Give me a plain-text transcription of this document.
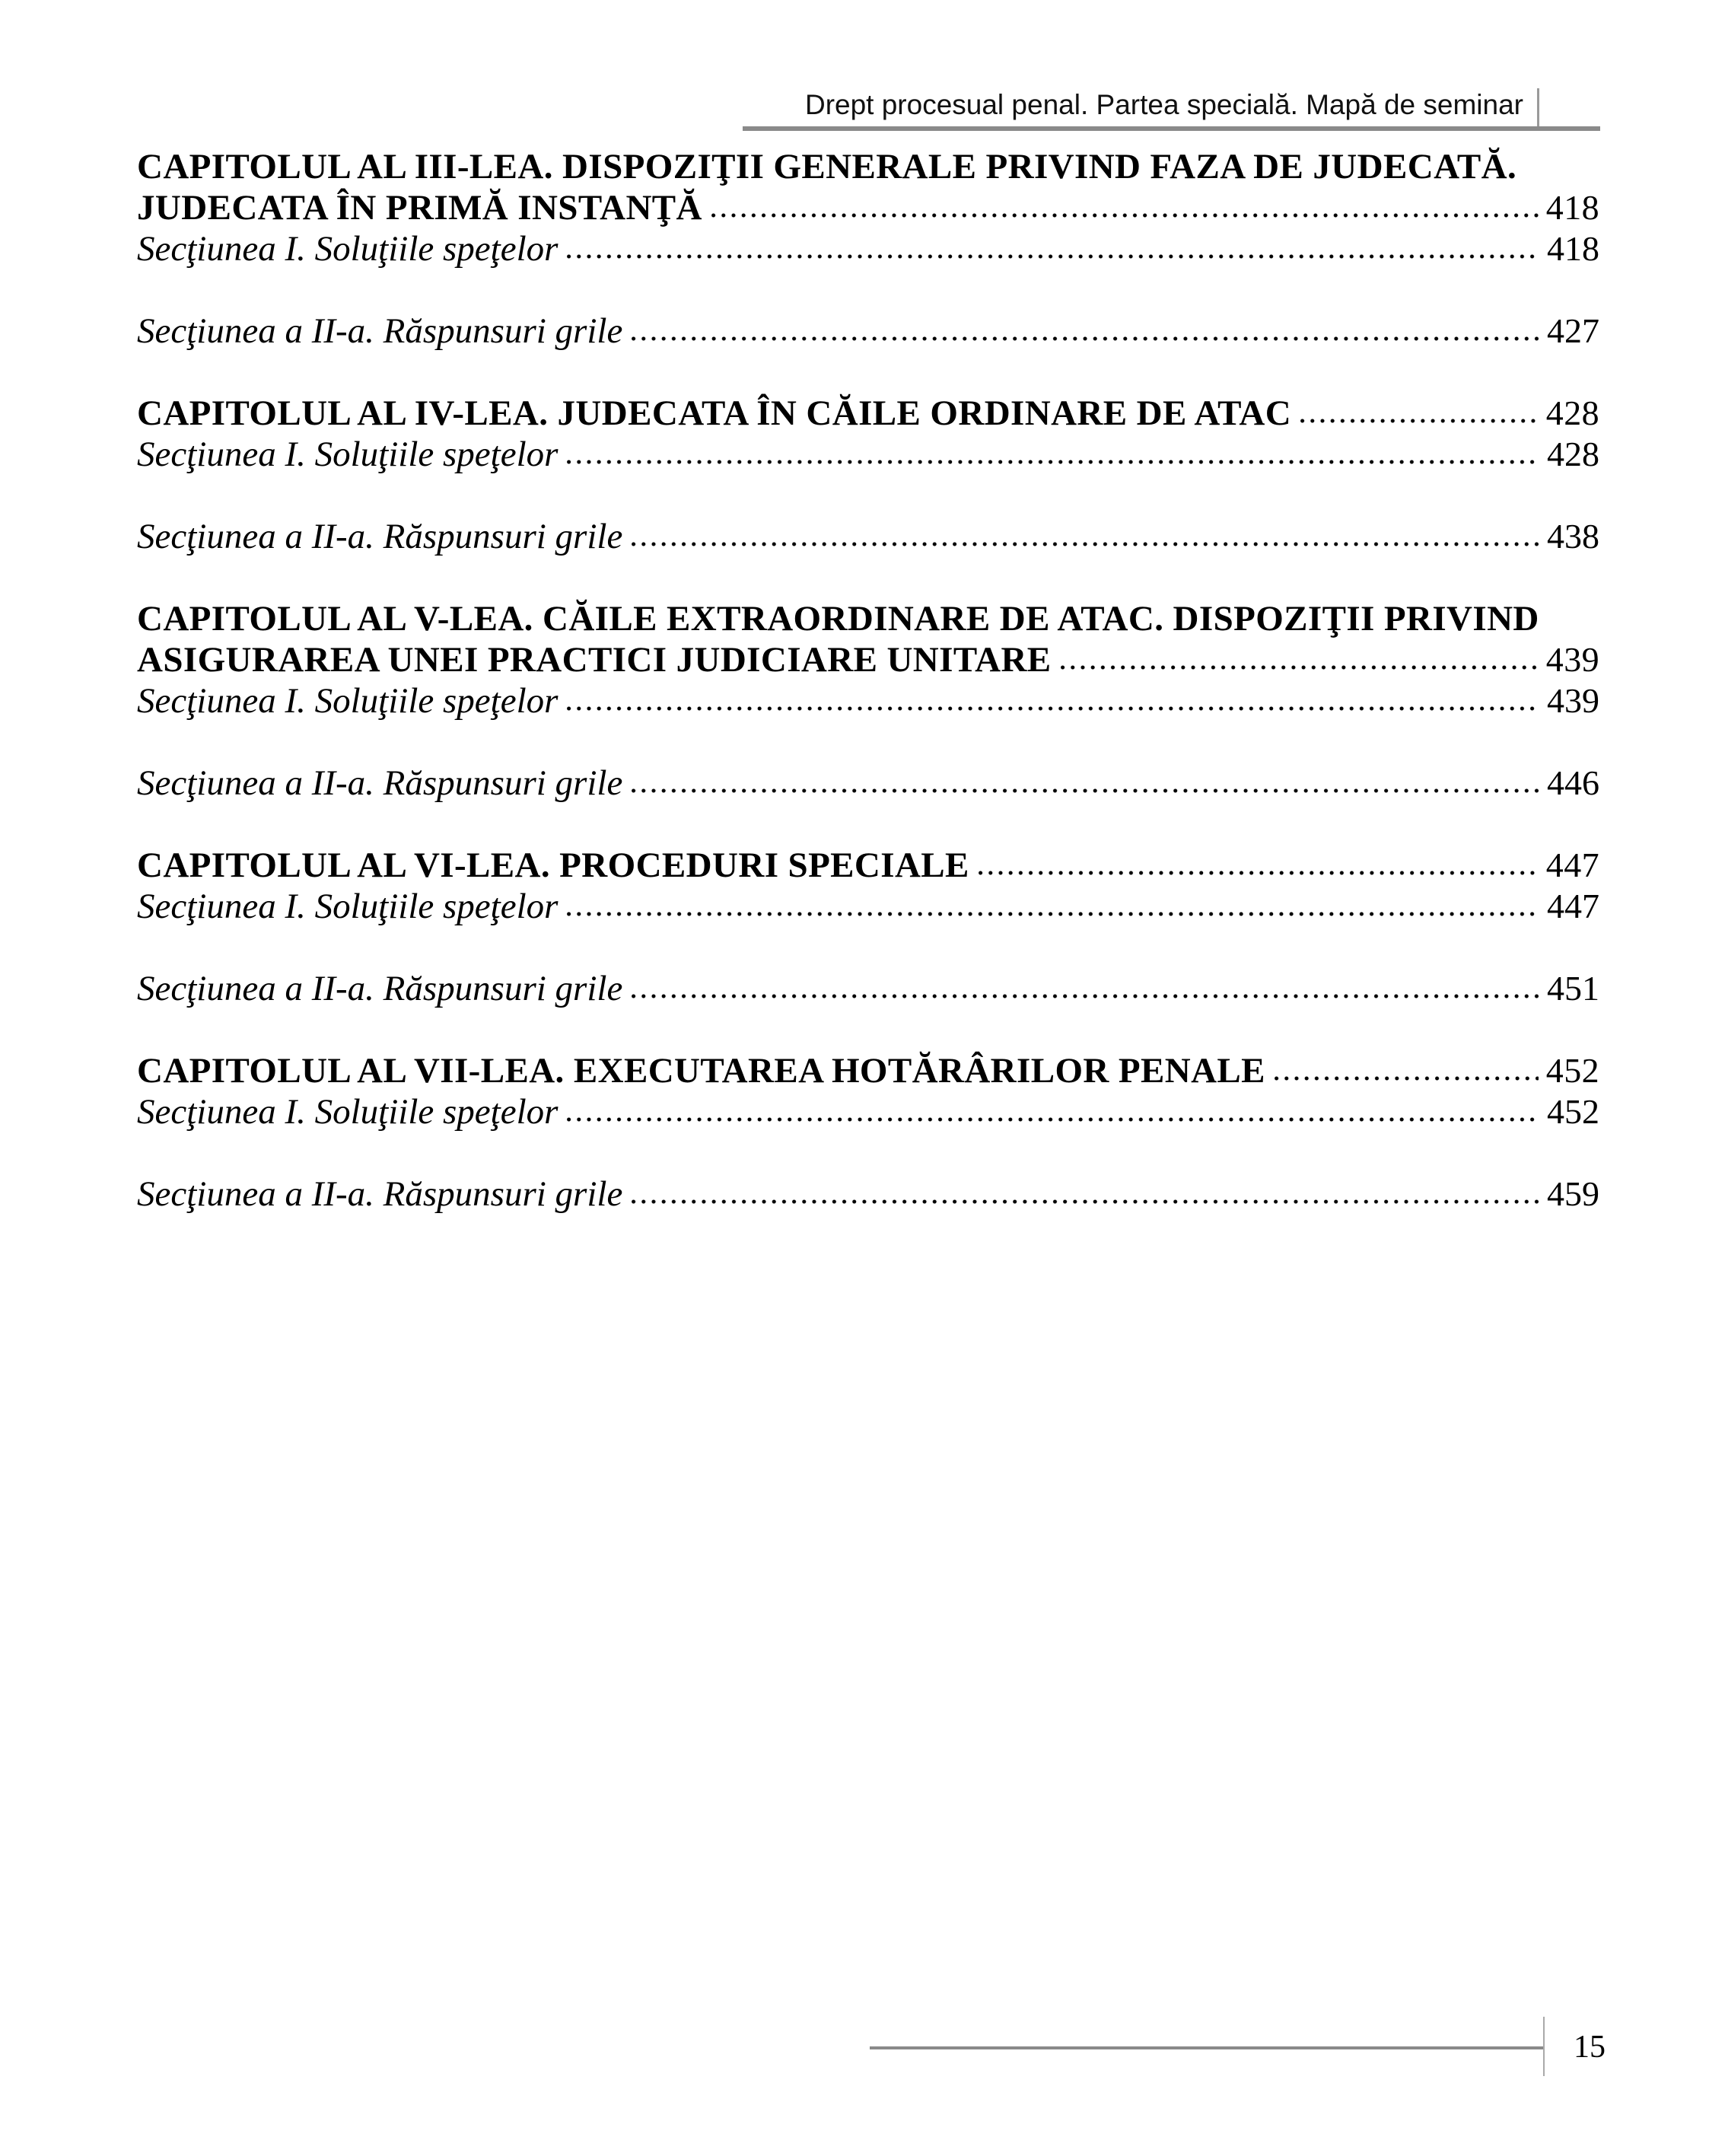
Drept procesual penal. Partea specială. Mapă de seminar
CAPITOLUL AL III-LEA. DISPOZIŢII GENERALE PRIVIND FAZA DE JUDECATĂ.
JUDECATA ÎN PRIMĂ INSTANŢĂ	418
Secţiunea I. Soluţiile speţelor	418
Secţiunea a II-a. Răspunsuri grile	427
CAPITOLUL AL IV-LEA. JUDECATA ÎN CĂILE ORDINARE DE ATAC	428
Secţiunea I. Soluţiile speţelor	428
Secţiunea a II-a. Răspunsuri grile	438
CAPITOLUL AL V-LEA. CĂILE EXTRAORDINARE DE ATAC. DISPOZIŢII PRIVIND
ASIGURAREA UNEI PRACTICI JUDICIARE UNITARE	439
Secţiunea I. Soluţiile speţelor	439
Secţiunea a II-a. Răspunsuri grile	446
CAPITOLUL AL VI-LEA. PROCEDURI SPECIALE	447
Secţiunea I. Soluţiile speţelor	447
Secţiunea a II-a. Răspunsuri grile	451
CAPITOLUL AL VII-LEA. EXECUTAREA HOTĂRÂRILOR PENALE	452
Secţiunea I. Soluţiile speţelor	452
Secţiunea a II-a. Răspunsuri grile	459
15
